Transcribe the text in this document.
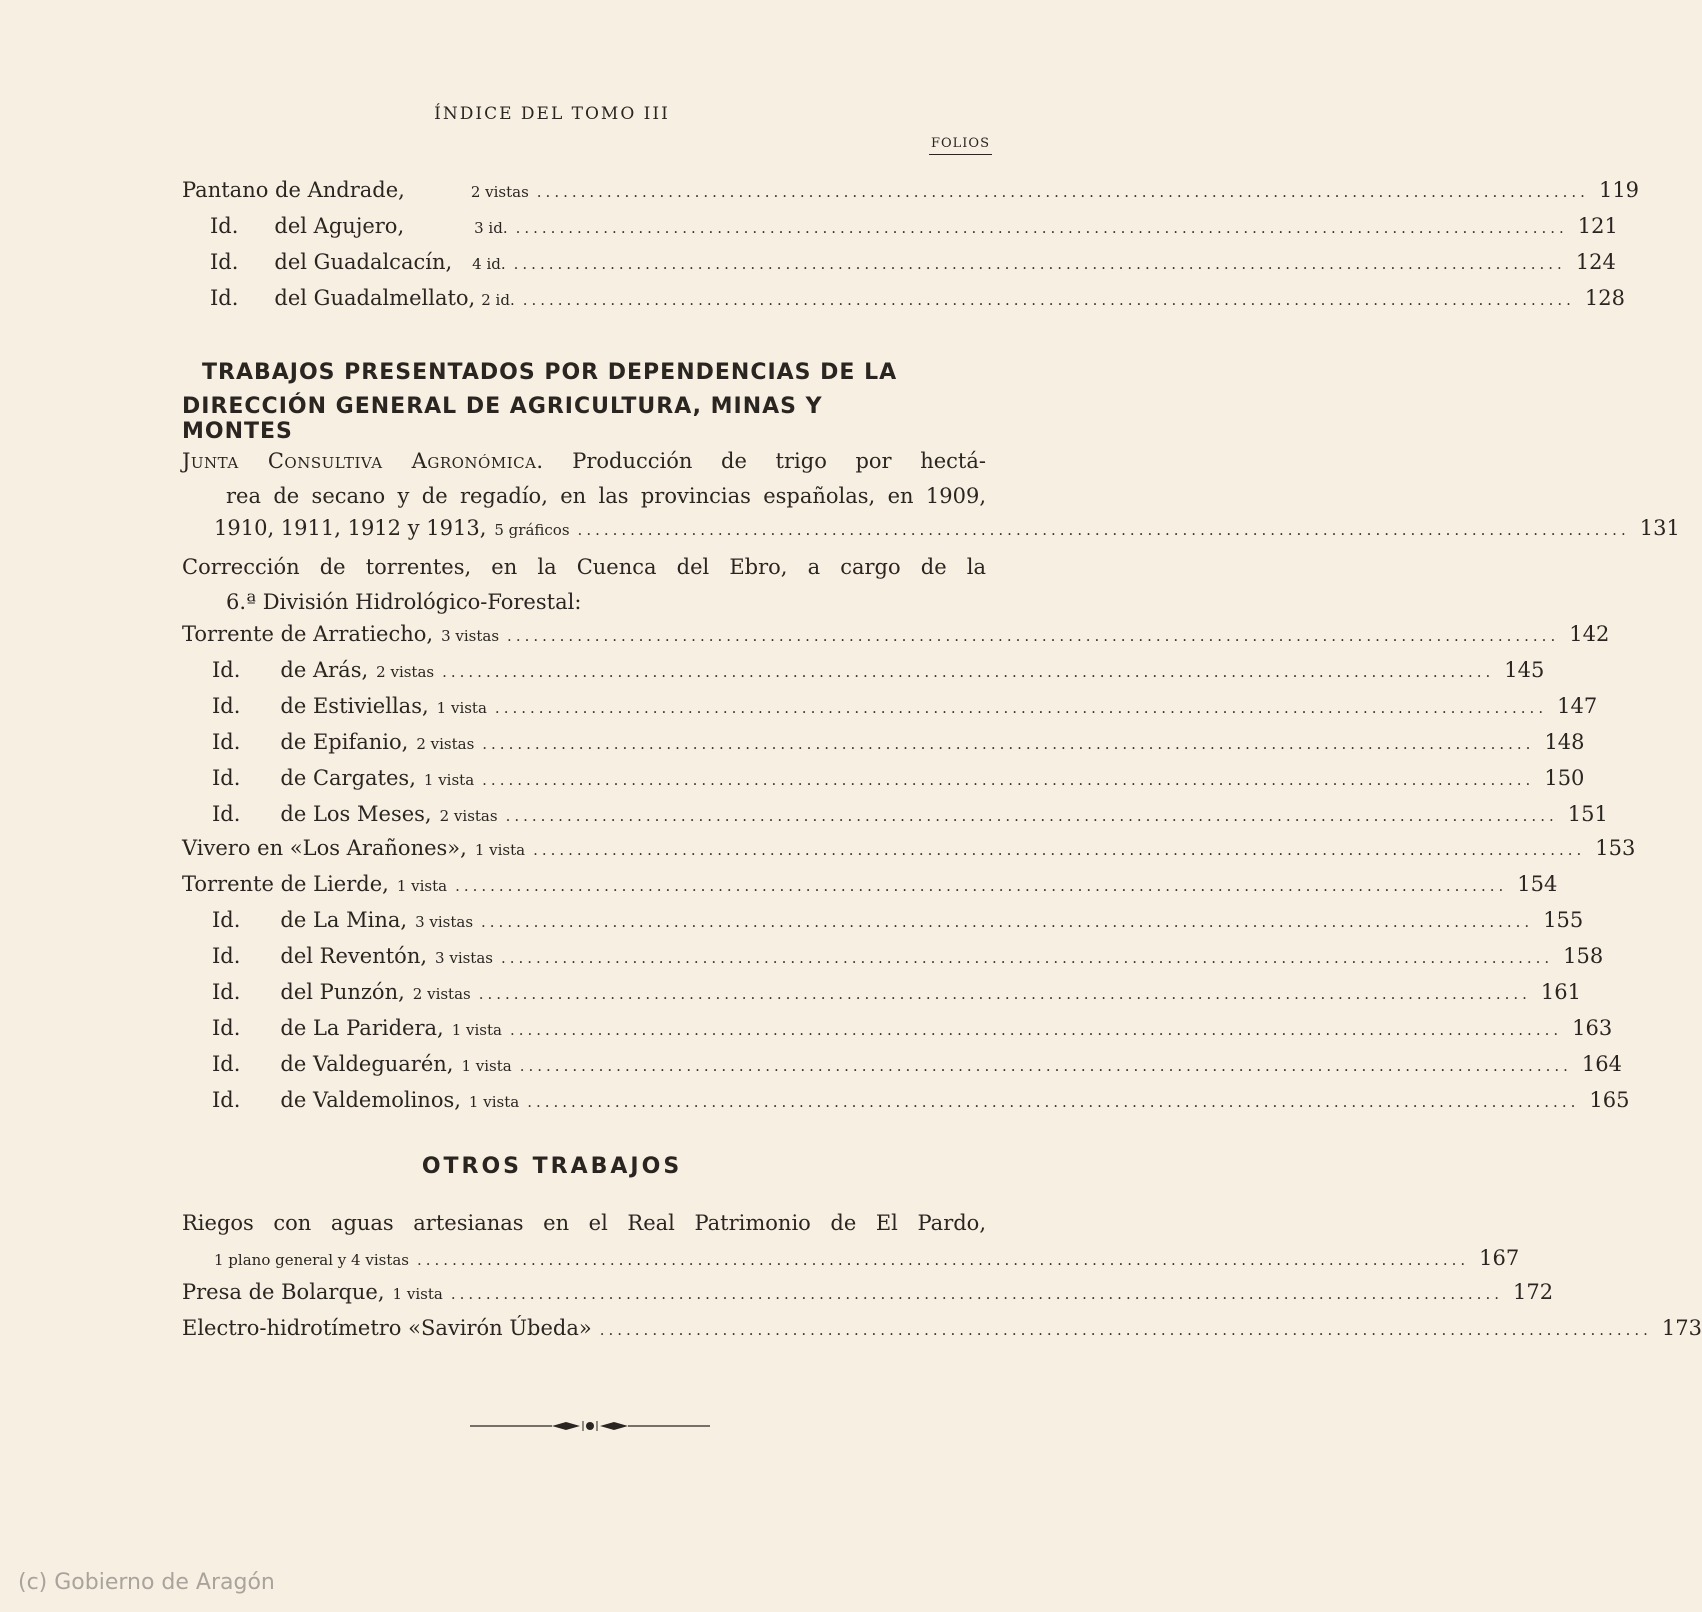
ÍNDICE DEL TOMO III
FOLIOS
Pantano de Andrade,	2 vistas ........................................................................................................................ 119
Id. del Agujero,	3 id. ........................................................................................................................ 121
Id. del Guadalcacín, 4 id. ........................................................................................................................ 124
Id. del Guadalmellato, 2 id. ........................................................................................................................ 128
TRABAJOS PRESENTADOS POR DEPENDENCIAS DE LA
DIRECCIÓN GENERAL DE AGRICULTURA, MINAS Y MONTES
Junta Consultiva Agronómica. Producción de trigo por hectá-
rea de secano y de regadío, en las provincias españolas, en 1909,
1910, 1911, 1912 y 1913, 5 gráficos ........................................................................................................................ 131
Corrección de torrentes, en la Cuenca del Ebro, a cargo de la
6.ª División Hidrológico-Forestal:
Torrente de Arratiecho, 3 vistas ........................................................................................................................ 142
Id. de Arás, 2 vistas ........................................................................................................................ 145
Id. de Estiviellas, 1 vista ........................................................................................................................ 147
Id. de Epifanio, 2 vistas ........................................................................................................................ 148
Id. de Cargates, 1 vista ........................................................................................................................ 150
Id. de Los Meses, 2 vistas ........................................................................................................................ 151
Vivero en «Los Arañones», 1 vista ........................................................................................................................ 153
Torrente de Lierde, 1 vista ........................................................................................................................ 154
Id. de La Mina, 3 vistas ........................................................................................................................ 155
Id. del Reventón, 3 vistas ........................................................................................................................ 158
Id. del Punzón, 2 vistas ........................................................................................................................ 161
Id. de La Paridera, 1 vista ........................................................................................................................ 163
Id. de Valdeguarén, 1 vista ........................................................................................................................ 164
Id. de Valdemolinos, 1 vista ........................................................................................................................ 165
OTROS TRABAJOS
Riegos con aguas artesianas en el Real Patrimonio de El Pardo,
1 plano general y 4 vistas ........................................................................................................................ 167
Presa de Bolarque, 1 vista ........................................................................................................................ 172
Electro-hidrotímetro «Savirón Úbeda» ........................................................................................................................ 173
(c) Gobierno de Aragón
